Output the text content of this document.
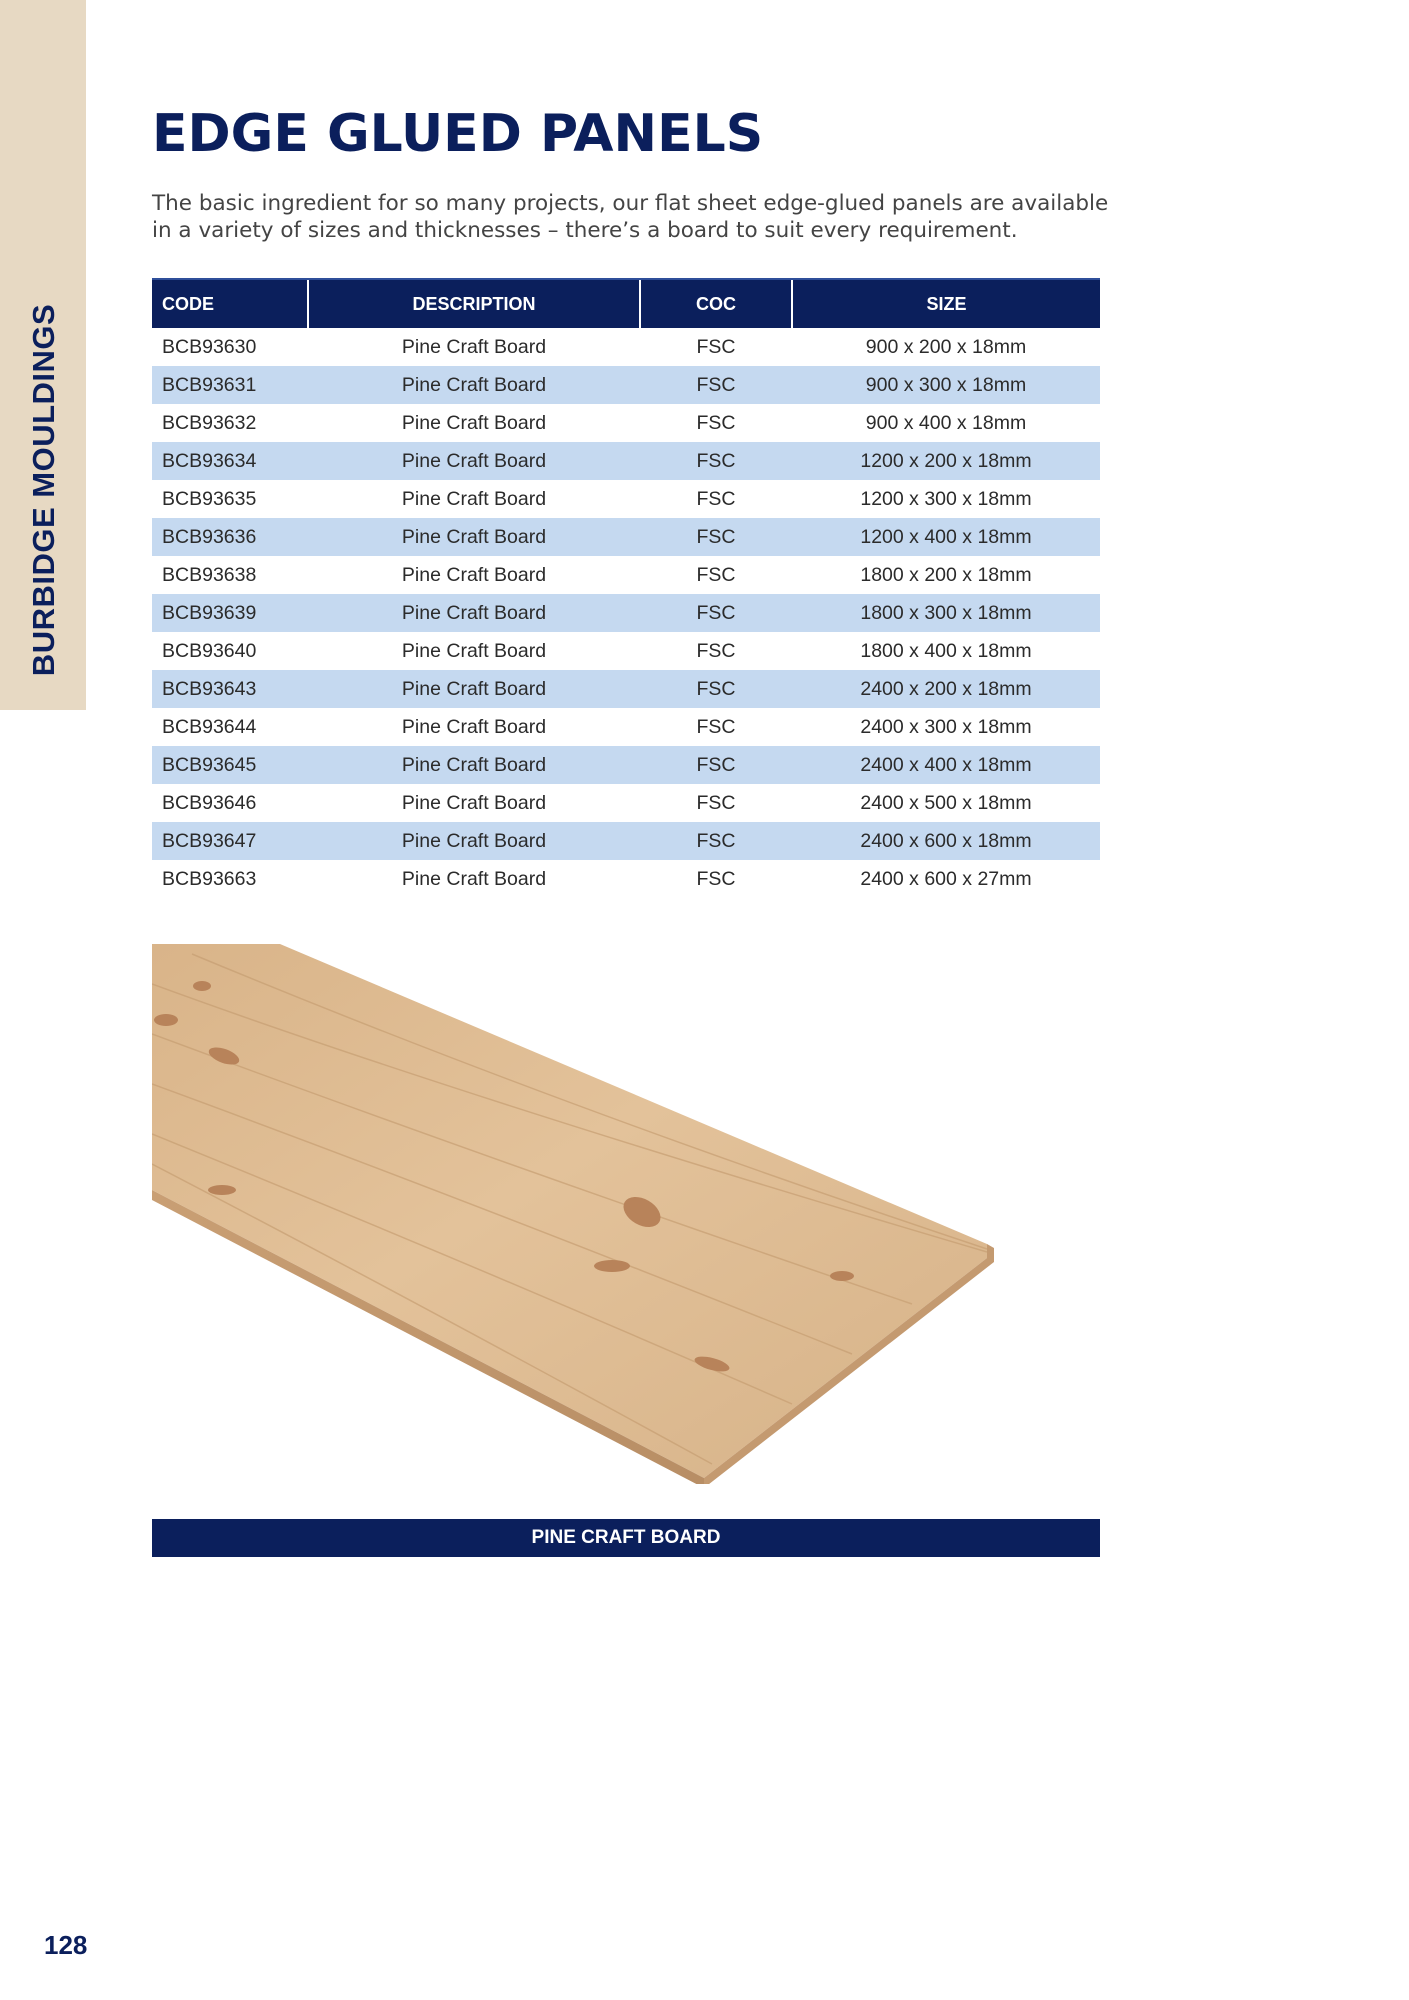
BURBIDGE MOULDINGS
EDGE GLUED PANELS

The basic ingredient for so many projects, our flat sheet edge-glued panels are available
in a variety of sizes and thicknesses – there’s a board to suit every requirement.

CODE	DESCRIPTION	COC	SIZE
BCB93630	Pine Craft Board	FSC	900 x 200 x 18mm
BCB93631	Pine Craft Board	FSC	900 x 300 x 18mm
BCB93632	Pine Craft Board	FSC	900 x 400 x 18mm
BCB93634	Pine Craft Board	FSC	1200 x 200 x 18mm
BCB93635	Pine Craft Board	FSC	1200 x 300 x 18mm
BCB93636	Pine Craft Board	FSC	1200 x 400 x 18mm
BCB93638	Pine Craft Board	FSC	1800 x 200 x 18mm
BCB93639	Pine Craft Board	FSC	1800 x 300 x 18mm
BCB93640	Pine Craft Board	FSC	1800 x 400 x 18mm
BCB93643	Pine Craft Board	FSC	2400 x 200 x 18mm
BCB93644	Pine Craft Board	FSC	2400 x 300 x 18mm
BCB93645	Pine Craft Board	FSC	2400 x 400 x 18mm
BCB93646	Pine Craft Board	FSC	2400 x 500 x 18mm
BCB93647	Pine Craft Board	FSC	2400 x 600 x 18mm
BCB93663	Pine Craft Board	FSC	2400 x 600 x 27mm
PINE CRAFT BOARD
128
